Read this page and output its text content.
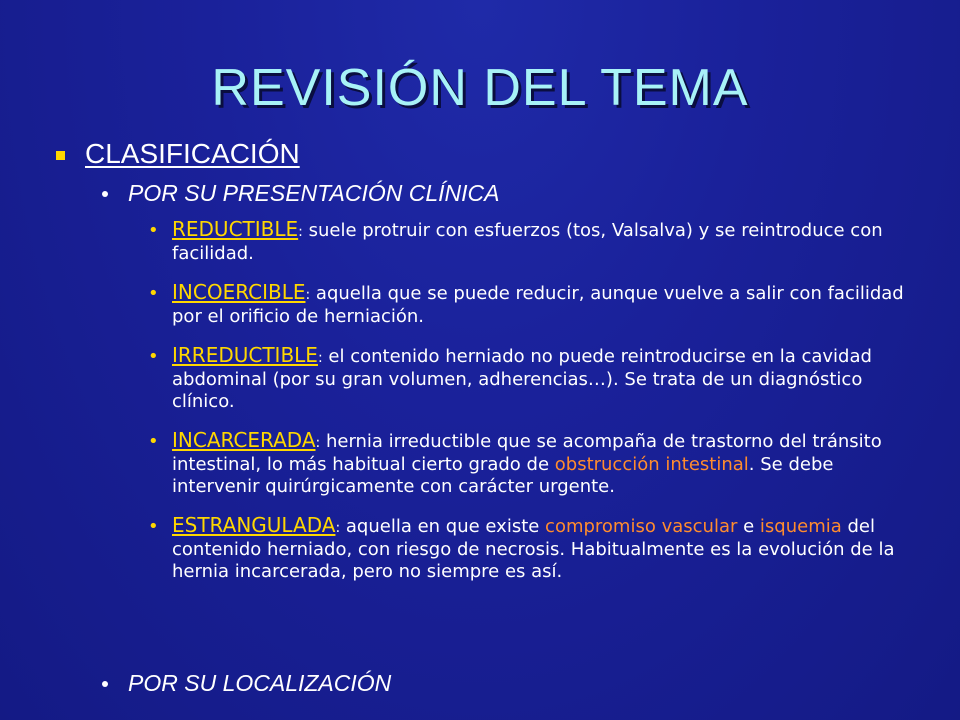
REVISIÓN DEL TEMA
CLASIFICACIÓN
POR SU PRESENTACIÓN CLÍNICA
• REDUCTIBLE: suele protruir con esfuerzos (tos, Valsalva) y se reintroduce con facilidad.
• INCOERCIBLE: aquella que se puede reducir, aunque vuelve a salir con facilidad por el orificio de herniación.
• IRREDUCTIBLE: el contenido herniado no puede reintroducirse en la cavidad abdominal (por su gran volumen, adherencias…). Se trata de un diagnóstico clínico.
• INCARCERADA: hernia irreductible que se acompaña de trastorno del tránsito intestinal, lo más habitual cierto grado de obstrucción intestinal. Se debe intervenir quirúrgicamente con carácter urgente.
• ESTRANGULADA: aquella en que existe compromiso vascular e isquemia del contenido herniado, con riesgo de necrosis. Habitualmente es la evolución de la hernia incarcerada, pero no siempre es así.
POR SU LOCALIZACIÓN
